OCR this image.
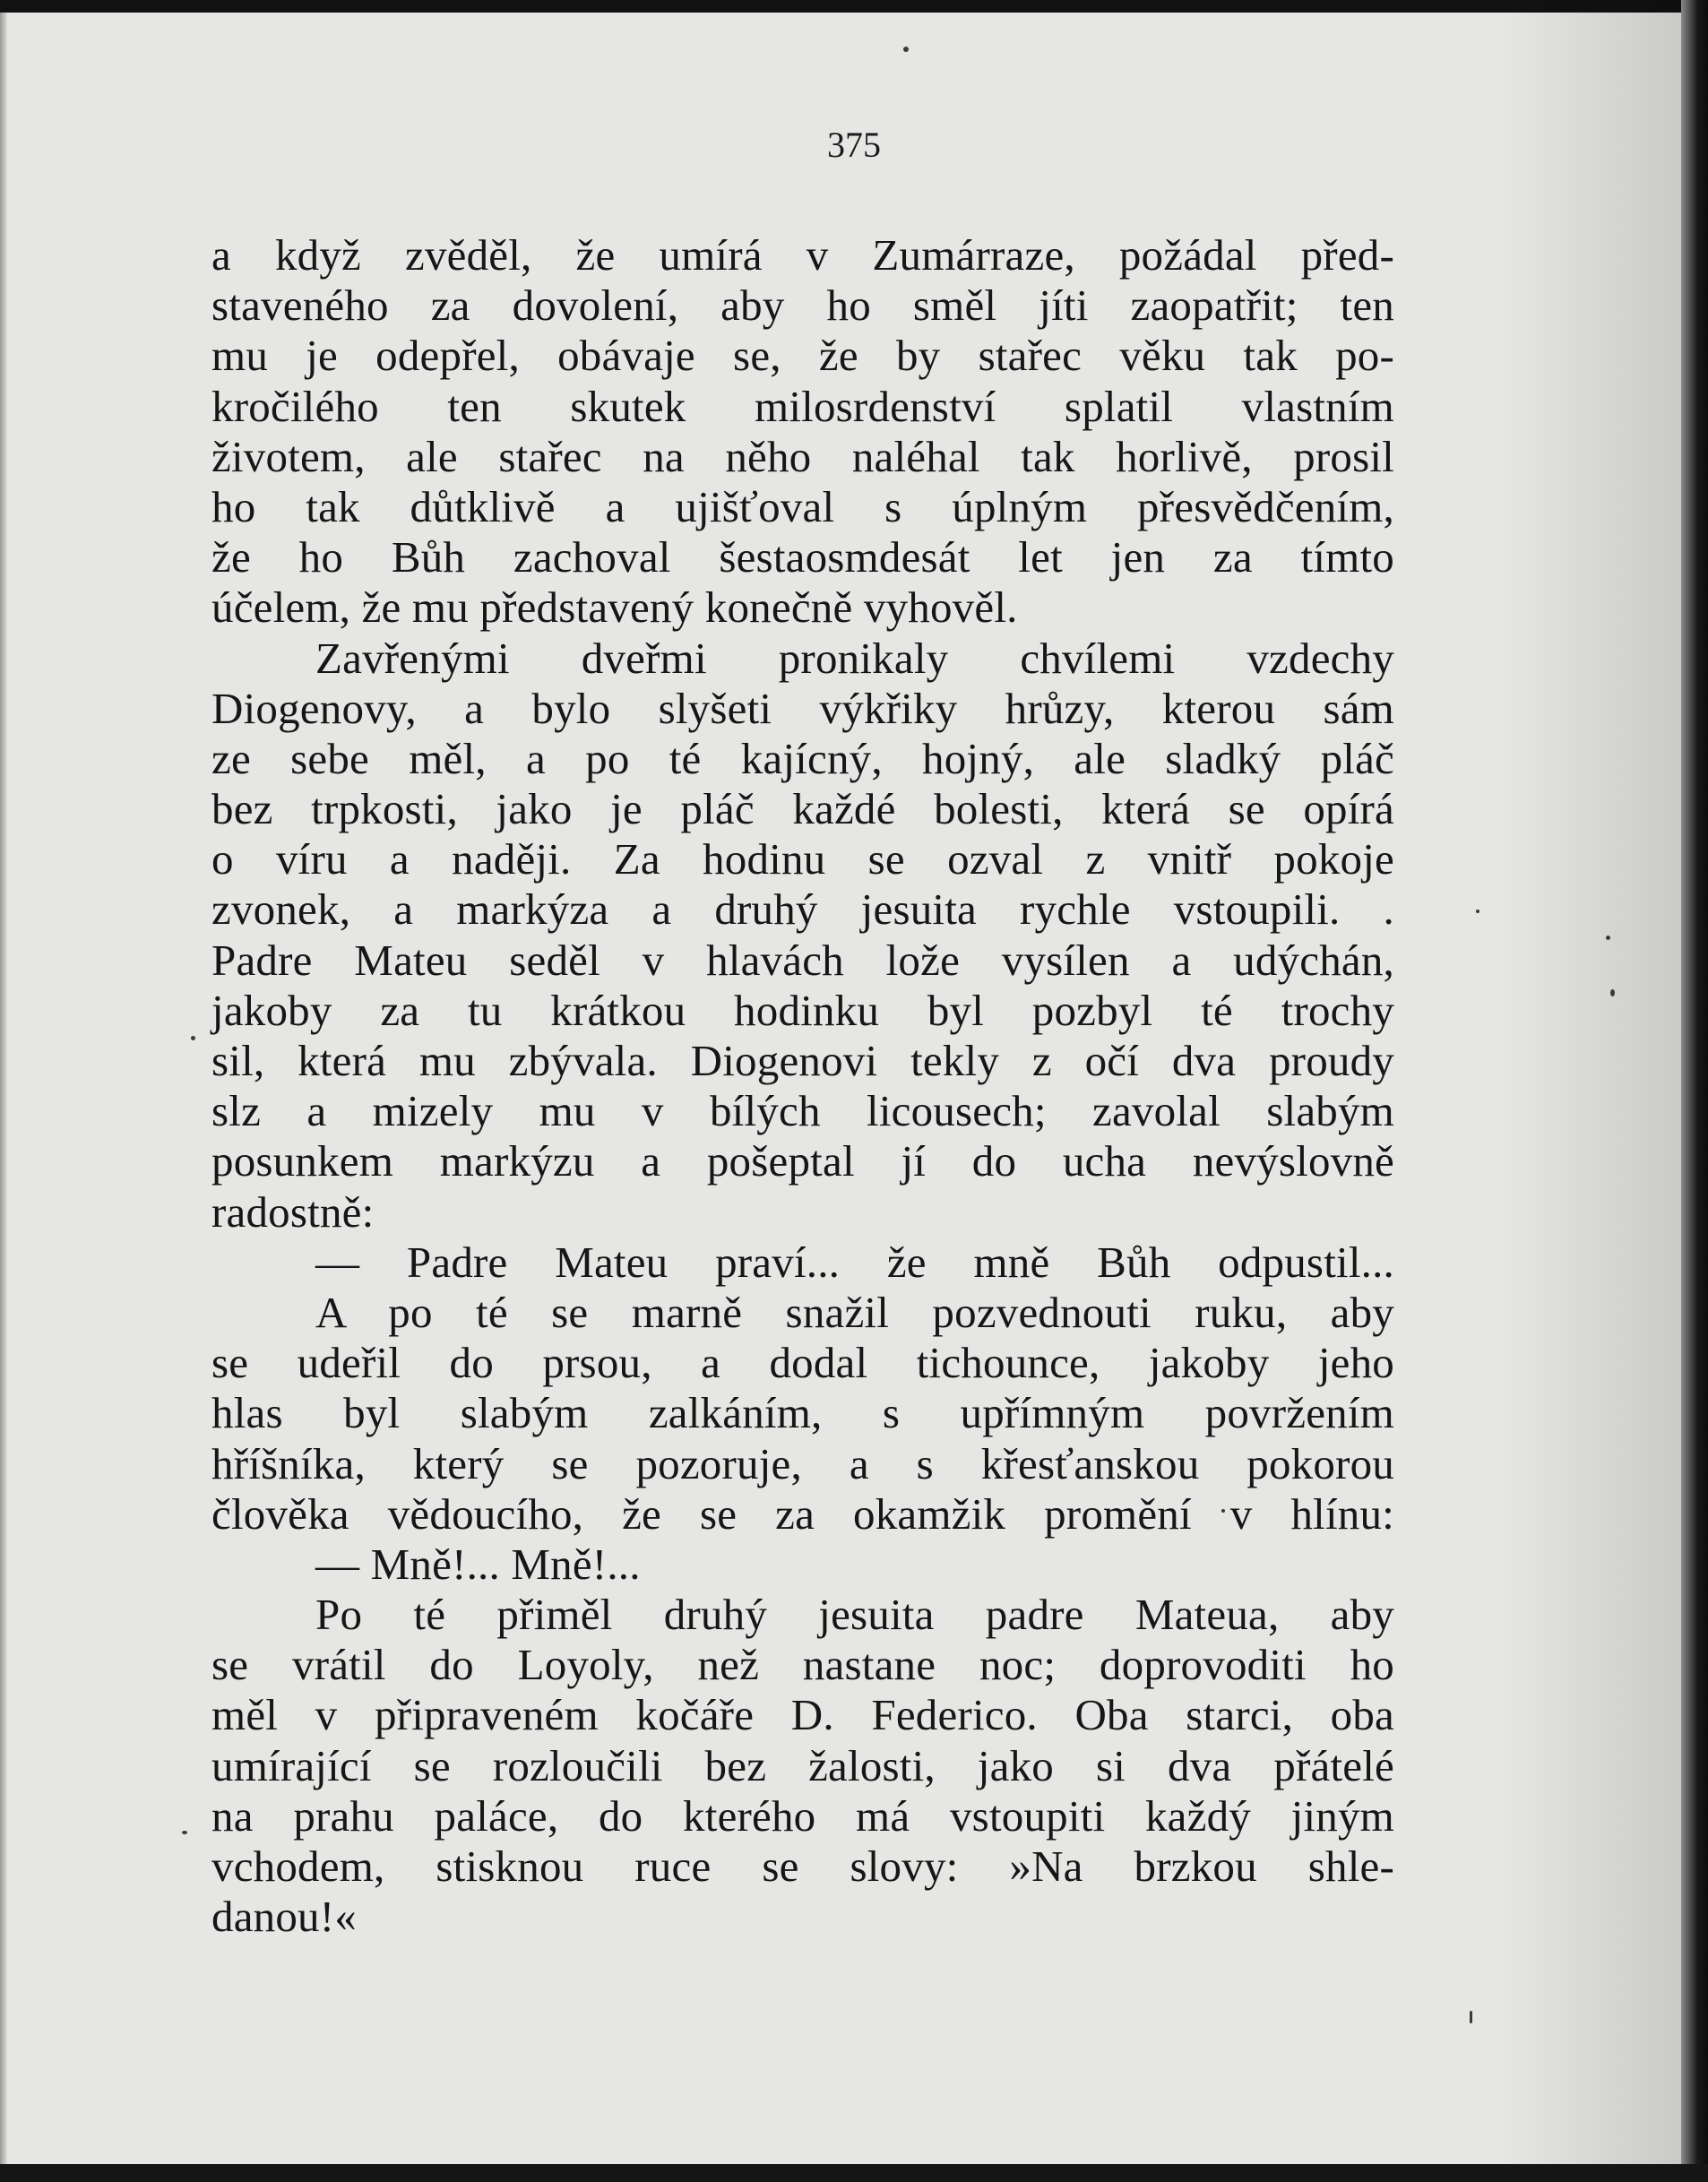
375
a když zvěděl, že umírá v Zumárraze, požádal před-
staveného za dovolení, aby ho směl jíti zaopatřit; ten
mu je odepřel, obávaje se, že by stařec věku tak po-
kročilého ten skutek milosrdenství splatil vlastním
životem, ale stařec na něho naléhal tak horlivě, prosil
ho tak důtklivě a ujišťoval s úplným přesvědčením,
že ho Bůh zachoval šestaosmdesát let jen za tímto
účelem, že mu představený konečně vyhověl.
Zavřenými dveřmi pronikaly chvílemi vzdechy
Diogenovy, a bylo slyšeti výkřiky hrůzy, kterou sám
ze sebe měl, a po té kajícný, hojný, ale sladký pláč
bez trpkosti, jako je pláč každé bolesti, která se opírá
o víru a naději. Za hodinu se ozval z vnitř pokoje
zvonek, a markýza a druhý jesuita rychle vstoupili. .
Padre Mateu seděl v hlavách lože vysílen a udýchán,
jakoby za tu krátkou hodinku byl pozbyl té trochy
sil, která mu zbývala. Diogenovi tekly z očí dva proudy
slz a mizely mu v bílých licousech; zavolal slabým
posunkem markýzu a pošeptal jí do ucha nevýslovně
radostně:
— Padre Mateu praví... že mně Bůh odpustil...
A po té se marně snažil pozvednouti ruku, aby
se udeřil do prsou, a dodal tichounce, jakoby jeho
hlas byl slabým zalkáním, s upřímným povržením
hříšníka, který se pozoruje, a s křesťanskou pokorou
člověka vědoucího, že se za okamžik promění v hlínu:
— Mně!... Mně!...
Po té přiměl druhý jesuita padre Mateua, aby
se vrátil do Loyoly, než nastane noc; doprovoditi ho
měl v připraveném kočáře D. Federico. Oba starci, oba
umírající se rozloučili bez žalosti, jako si dva přátelé
na prahu paláce, do kterého má vstoupiti každý jiným
vchodem, stisknou ruce se slovy: »Na brzkou shle-
danou!«
